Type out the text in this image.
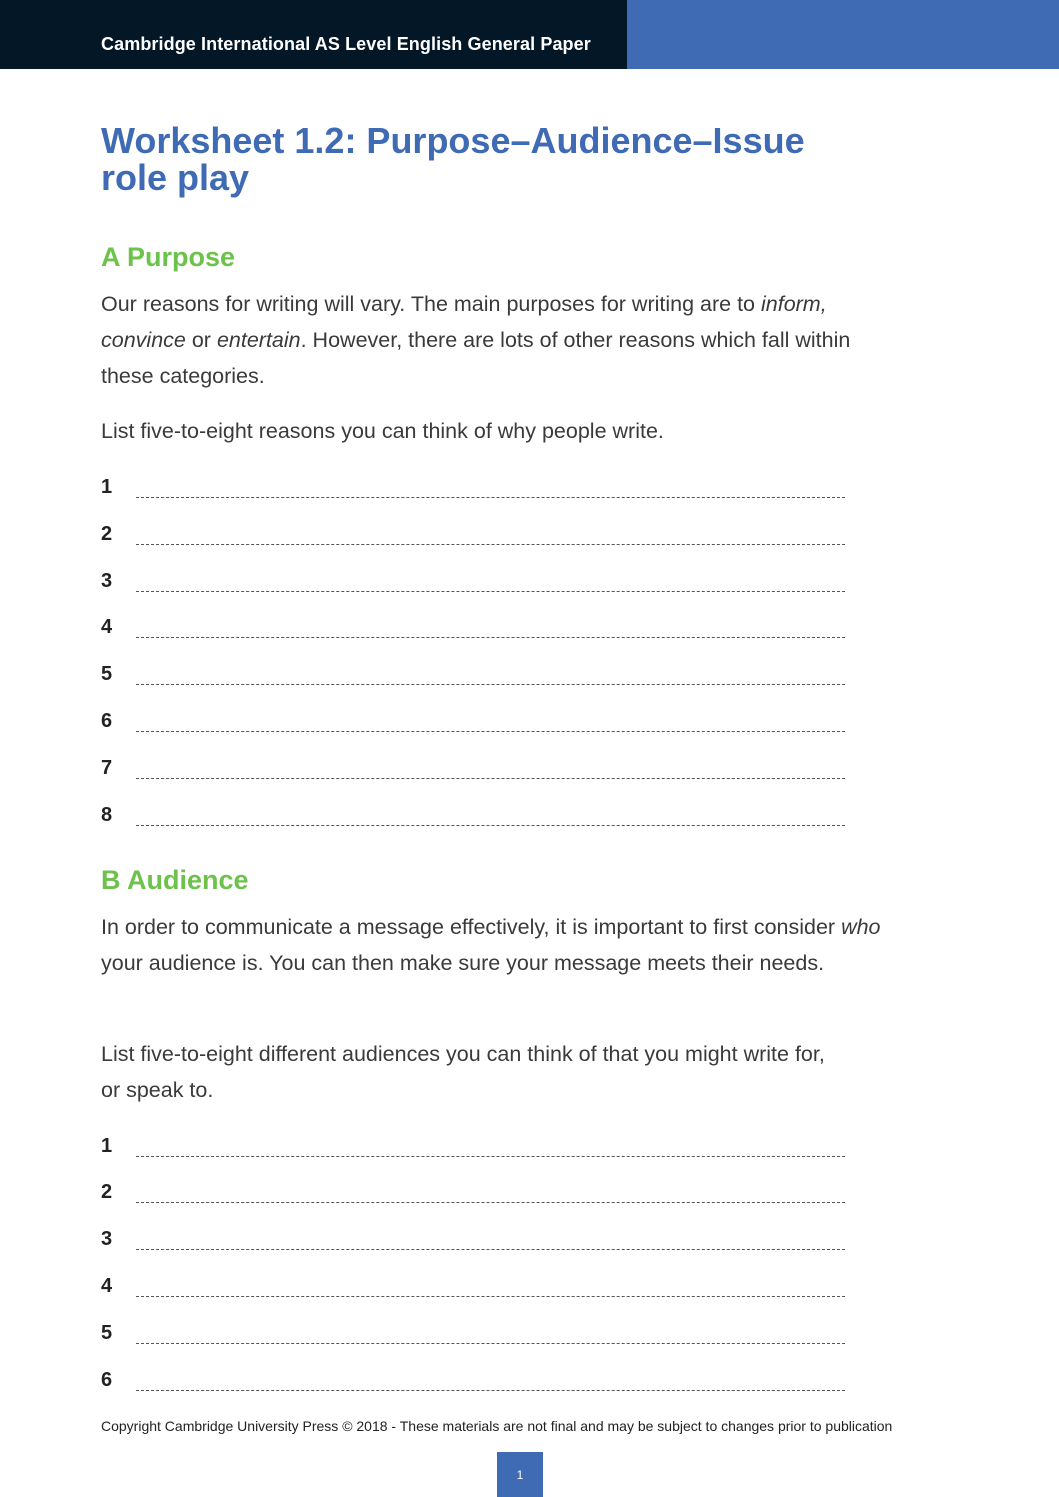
Cambridge International AS Level English General Paper
Worksheet 1.2: Purpose–Audience–Issue role play
A Purpose

Our reasons for writing will vary. The main purposes for writing are to inform,
convince or entertain. However, there are lots of other reasons which fall within these categories.

List five-to-eight reasons you can think of why people write.

1
2
3
4
5
6
7
8
B Audience

In order to communicate a message effectively, it is important to first consider who your audience is. You can then make sure your message meets their needs.

List five-to-eight different audiences you can think of that you might write for, or speak to.

1
2
3
4
5
6
Copyright Cambridge University Press © 2018 - These materials are not final and may be subject to changes prior to publication
1
